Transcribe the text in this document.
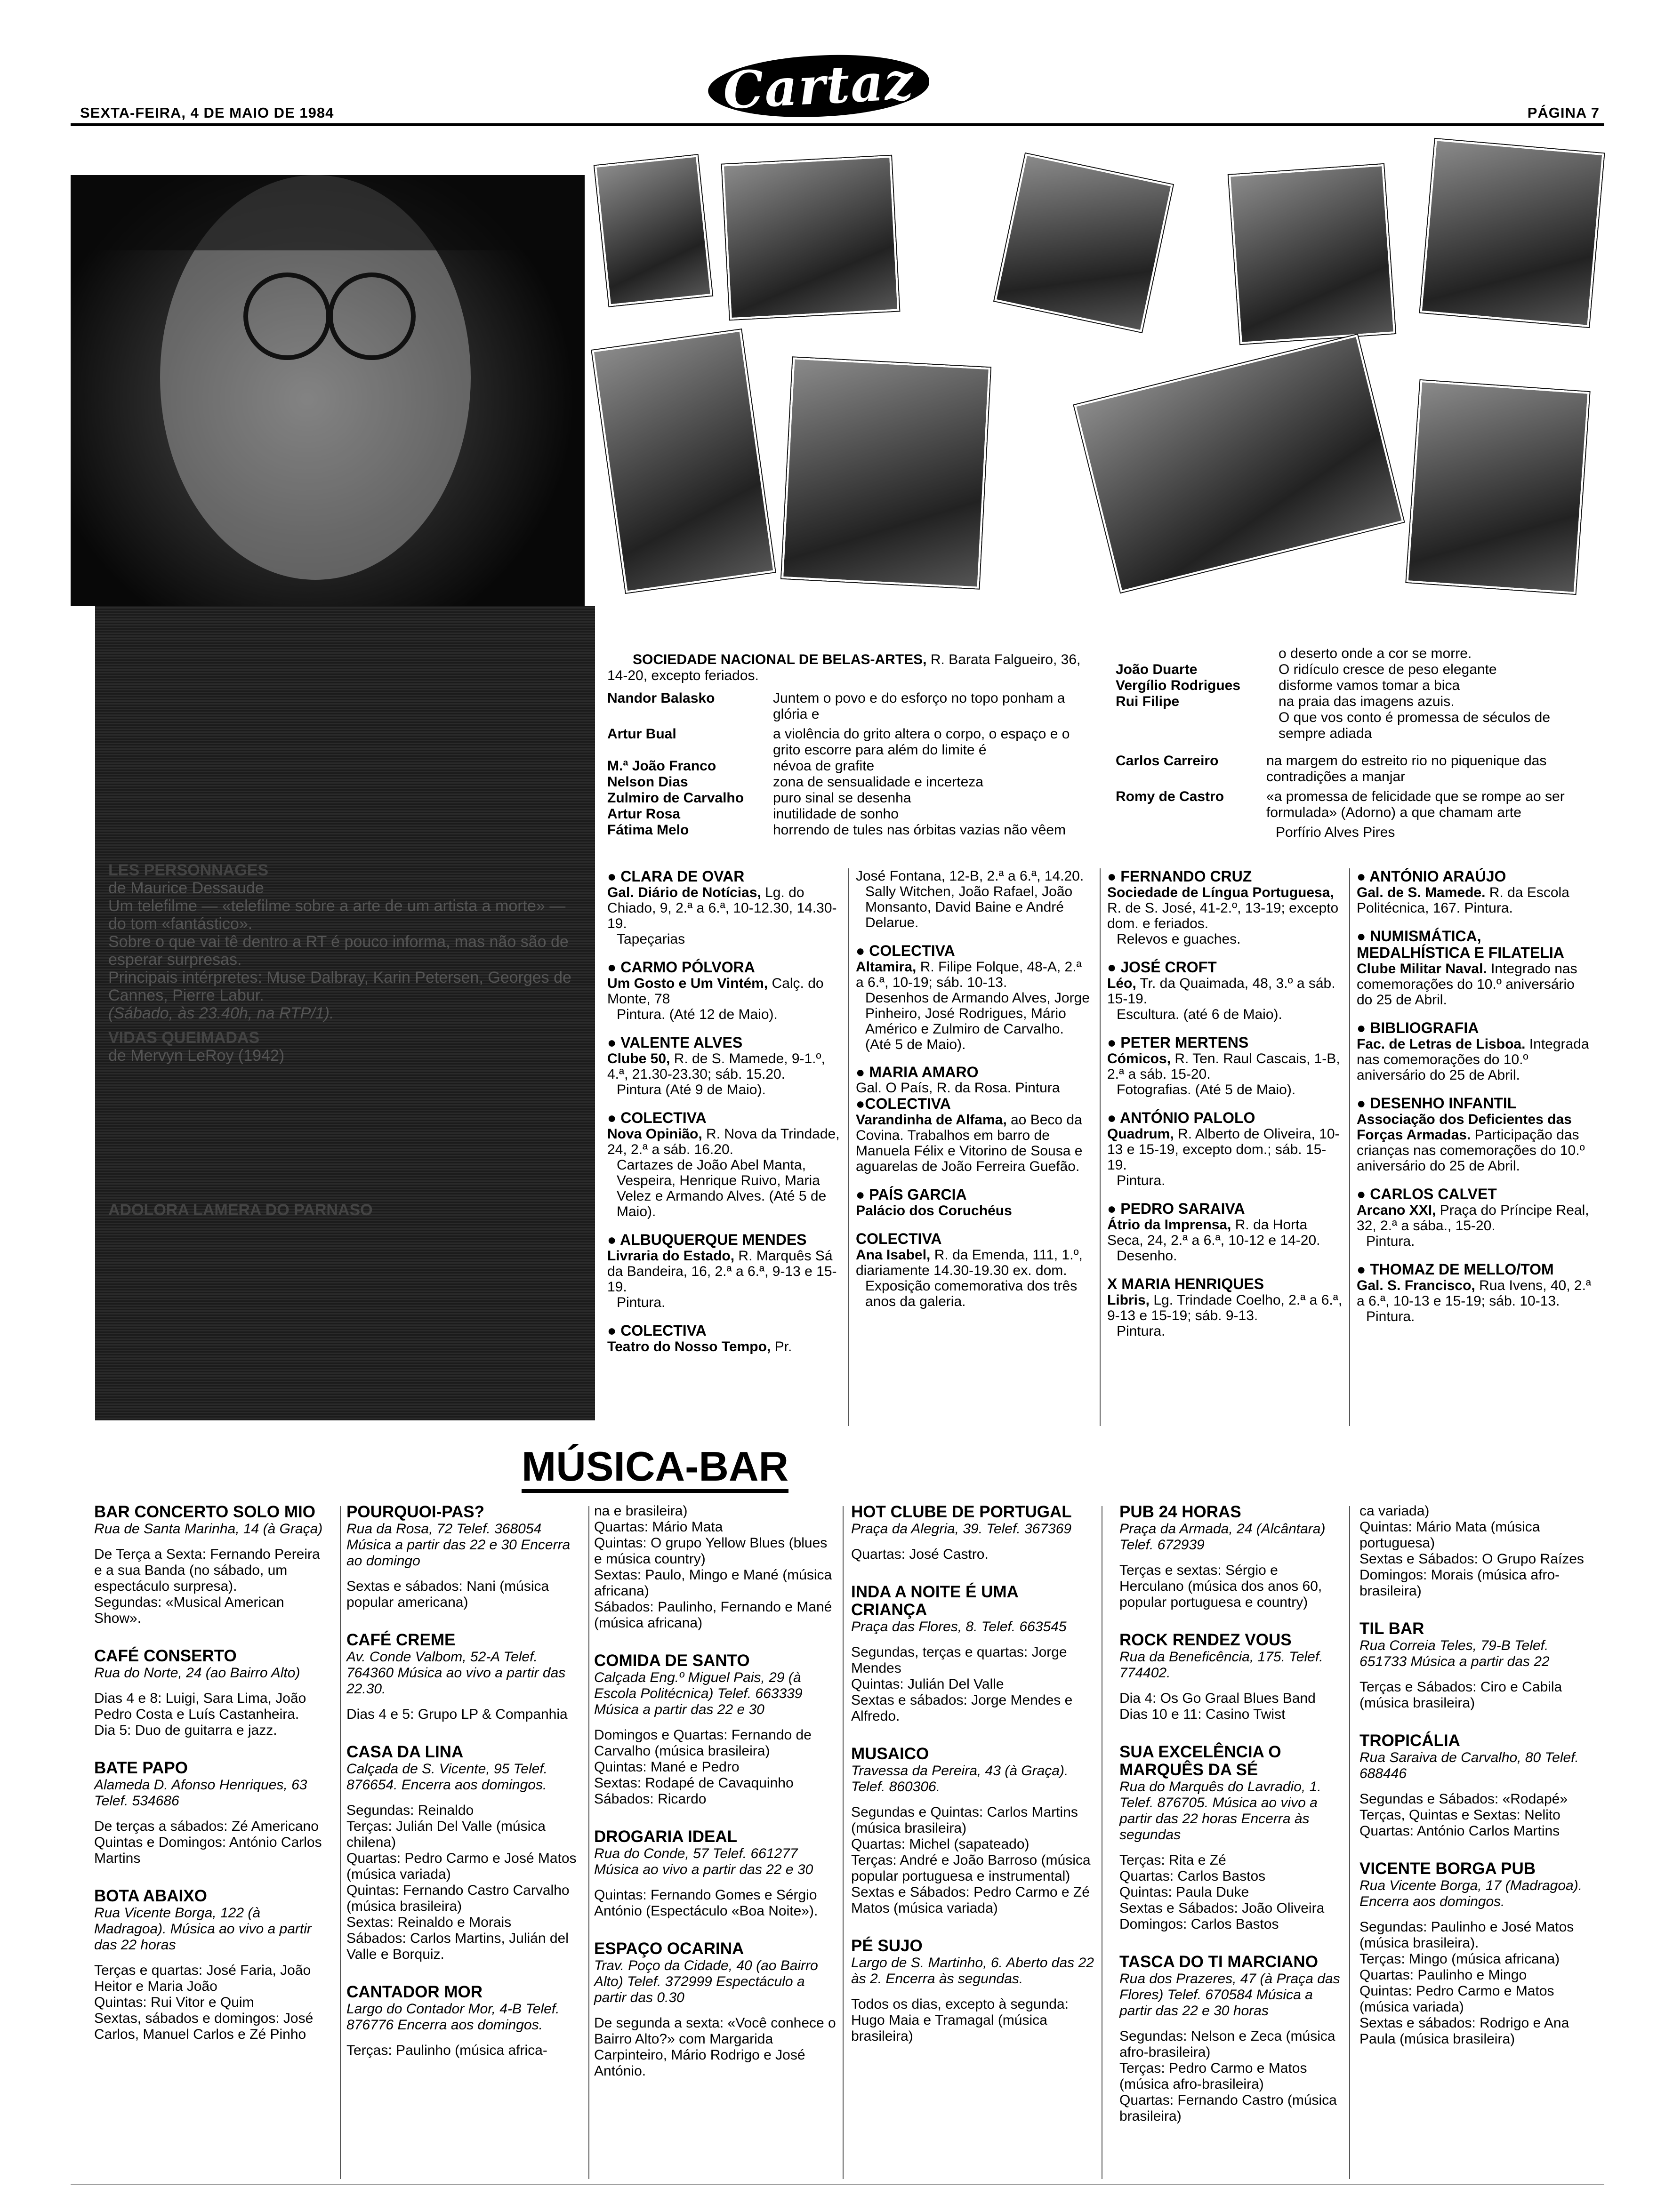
SEXTA-FEIRA, 4 DE MAIO DE 1984	Cartaz	PÁGINA 7
LES PERSONNAGES
de Maurice Dessaude
Um telefilme — «telefilme sobre a arte de um artista a morte» — do tom «fantástico».
Sobre o que vai tê dentro a RT é pouco informa, mas não são de esperar surpresas.
Principais intérpretes: Muse Dalbray, Karin Petersen, Georges de Cannes, Pierre Labur.
(Sábado, às 23.40h, na RTP/1).
VIDAS QUEIMADAS
de Mervyn LeRoy (1942)
ADOLORA LAMERA DO PARNASO
SOCIEDADE NACIONAL DE BELAS-ARTES, R. Barata Falgueiro, 36, 14-20, excepto feriados.
Nandor Balasko	Juntem o povo e do esforço no topo ponham a glória e
Artur Bual	a violência do grito altera o corpo, o espaço e o grito escorre para além do limite é
M.ª João Franco	névoa de grafite
Nelson Dias	zona de sensualidade e incerteza
Zulmiro de Carvalho	puro sinal se desenha
Artur Rosa	inutilidade de sonho
Fátima Melo	horrendo de tules nas órbitas vazias não vêem
o deserto onde a cor se morre.
João Duarte	O ridículo cresce de peso elegante
Vergílio Rodrigues	disforme vamos tomar a bica
Rui Filipe	na praia das imagens azuis.
O que vos conto é promessa de séculos de sempre adiada
Carlos Carreiro	na margem do estreito rio no piquenique das contradições a manjar
Romy de Castro	«a promessa de felicidade que se rompe ao ser formulada» (Adorno) a que chamam arte
Porfírio Alves Pires
● CLARA DE OVAR
Gal. Diário de Notícias, Lg. do Chiado, 9, 2.ª a 6.ª, 10-12.30, 14.30-19.
Tapeçarias
● CARMO PÓLVORA
Um Gosto e Um Vintém, Calç. do Monte, 78
Pintura. (Até 12 de Maio).
● VALENTE ALVES
Clube 50, R. de S. Mamede, 9-1.º, 4.ª, 21.30-23.30; sáb. 15.20.
Pintura (Até 9 de Maio).
● COLECTIVA
Nova Opinião, R. Nova da Trindade, 24, 2.ª a sáb. 16.20.
Cartazes de João Abel Manta, Vespeira, Henrique Ruivo, Maria Velez e Armando Alves. (Até 5 de Maio).
● ALBUQUERQUE MENDES
Livraria do Estado, R. Marquês Sá da Bandeira, 16, 2.ª a 6.ª, 9-13 e 15-19.
Pintura.
● COLECTIVA
Teatro do Nosso Tempo, Pr.
José Fontana, 12-B, 2.ª a 6.ª, 14.20.
Sally Witchen, João Rafael, João Monsanto, David Baine e André Delarue.
● COLECTIVA
Altamira, R. Filipe Folque, 48-A, 2.ª a 6.ª, 10-19; sáb. 10-13.
Desenhos de Armando Alves, Jorge Pinheiro, José Rodrigues, Mário Américo e Zulmiro de Carvalho. (Até 5 de Maio).
● MARIA AMARO
Gal. O País, R. da Rosa. Pintura
●COLECTIVA
Varandinha de Alfama, ao Beco da Covina. Trabalhos em barro de Manuela Félix e Vitorino de Sousa e aguarelas de João Ferreira Guefão.
● PAÍS GARCIA
Palácio dos Coruchéus
COLECTIVA
Ana Isabel, R. da Emenda, 111, 1.º, diariamente 14.30-19.30 ex. dom.
Exposição comemorativa dos três anos da galeria.
● FERNANDO CRUZ
Sociedade de Língua Portuguesa, R. de S. José, 41-2.º, 13-19; excepto dom. e feriados.
Relevos e guaches.
● JOSÉ CROFT
Léo, Tr. da Quaimada, 48, 3.º a sáb. 15-19.
Escultura. (até 6 de Maio).
● PETER MERTENS
Cómicos, R. Ten. Raul Cascais, 1-B, 2.ª a sáb. 15-20.
Fotografias. (Até 5 de Maio).
● ANTÓNIO PALOLO
Quadrum, R. Alberto de Oliveira, 10-13 e 15-19, excepto dom.; sáb. 15-19.
Pintura.
● PEDRO SARAIVA
Átrio da Imprensa, R. da Horta Seca, 24, 2.ª a 6.ª, 10-12 e 14-20.
Desenho.
X MARIA HENRIQUES
Libris, Lg. Trindade Coelho, 2.ª a 6.ª, 9-13 e 15-19; sáb. 9-13.
Pintura.
● ANTÓNIO ARAÚJO
Gal. de S. Mamede. R. da Escola Politécnica, 167. Pintura.
● NUMISMÁTICA, MEDALHÍSTICA E FILATELIA
Clube Militar Naval. Integrado nas comemorações do 10.º aniversário do 25 de Abril.
● BIBLIOGRAFIA
Fac. de Letras de Lisboa. Integrada nas comemorações do 10.º aniversário do 25 de Abril.
● DESENHO INFANTIL
Associação dos Deficientes das Forças Armadas. Participação das crianças nas comemorações do 10.º aniversário do 25 de Abril.
● CARLOS CALVET
Arcano XXI, Praça do Príncipe Real, 32, 2.ª a sába., 15-20.
Pintura.
● THOMAZ DE MELLO/TOM
Gal. S. Francisco, Rua Ivens, 40, 2.ª a 6.ª, 10-13 e 15-19; sáb. 10-13.
Pintura.
MÚSICA-BAR
BAR CONCERTO SOLO MIO
Rua de Santa Marinha, 14 (à Graça)
De Terça a Sexta: Fernando Pereira e a sua Banda (no sábado, um espectáculo surpresa).
Segundas: «Musical American Show».
CAFÉ CONSERTO
Rua do Norte, 24 (ao Bairro Alto)
Dias 4 e 8: Luigi, Sara Lima, João Pedro Costa e Luís Castanheira.
Dia 5: Duo de guitarra e jazz.
BATE PAPO
Alameda D. Afonso Henriques, 63 Telef. 534686
De terças a sábados: Zé Americano
Quintas e Domingos: António Carlos Martins
BOTA ABAIXO
Rua Vicente Borga, 122 (à Madragoa). Música ao vivo a partir das 22 horas
Terças e quartas: José Faria, João Heitor e Maria João
Quintas: Rui Vitor e Quim
Sextas, sábados e domingos: José Carlos, Manuel Carlos e Zé Pinho
POURQUOI-PAS?
Rua da Rosa, 72 Telef. 368054 Música a partir das 22 e 30 Encerra ao domingo
Sextas e sábados: Nani (música popular americana)
CAFÉ CREME
Av. Conde Valbom, 52-A Telef. 764360 Música ao vivo a partir das 22.30.
Dias 4 e 5: Grupo LP & Companhia
CASA DA LINA
Calçada de S. Vicente, 95 Telef. 876654. Encerra aos domingos.
Segundas: Reinaldo
Terças: Julián Del Valle (música chilena)
Quartas: Pedro Carmo e José Matos (música variada)
Quintas: Fernando Castro Carvalho (música brasileira)
Sextas: Reinaldo e Morais
Sábados: Carlos Martins, Julián del Valle e Borquiz.
CANTADOR MOR
Largo do Contador Mor, 4-B Telef. 876776 Encerra aos domingos.
Terças: Paulinho (música africa-
na e brasileira)
Quartas: Mário Mata
Quintas: O grupo Yellow Blues (blues e música country)
Sextas: Paulo, Mingo e Mané (música africana)
Sábados: Paulinho, Fernando e Mané (música africana)
COMIDA DE SANTO
Calçada Eng.º Miguel Pais, 29 (à Escola Politécnica) Telef. 663339 Música a partir das 22 e 30
Domingos e Quartas: Fernando de Carvalho (música brasileira)
Quintas: Mané e Pedro
Sextas: Rodapé de Cavaquinho
Sábados: Ricardo
DROGARIA IDEAL
Rua do Conde, 57 Telef. 661277 Música ao vivo a partir das 22 e 30
Quintas: Fernando Gomes e Sérgio António (Espectáculo «Boa Noite»).
ESPAÇO OCARINA
Trav. Poço da Cidade, 40 (ao Bairro Alto) Telef. 372999 Espectáculo a partir das 0.30
De segunda a sexta: «Você conhece o Bairro Alto?» com Margarida Carpinteiro, Mário Rodrigo e José António.
HOT CLUBE DE PORTUGAL
Praça da Alegria, 39. Telef. 367369
Quartas: José Castro.
INDA A NOITE É UMA CRIANÇA
Praça das Flores, 8. Telef. 663545
Segundas, terças e quartas: Jorge Mendes
Quintas: Julián Del Valle
Sextas e sábados: Jorge Mendes e Alfredo.
MUSAICO
Travessa da Pereira, 43 (à Graça). Telef. 860306.
Segundas e Quintas: Carlos Martins (música brasileira)
Quartas: Michel (sapateado)
Terças: André e João Barroso (música popular portuguesa e instrumental)
Sextas e Sábados: Pedro Carmo e Zé Matos (música variada)
PÉ SUJO
Largo de S. Martinho, 6. Aberto das 22 às 2. Encerra às segundas.
Todos os dias, excepto à segunda: Hugo Maia e Tramagal (música brasileira)
PUB 24 HORAS
Praça da Armada, 24 (Alcântara) Telef. 672939
Terças e sextas: Sérgio e Herculano (música dos anos 60, popular portuguesa e country)
ROCK RENDEZ VOUS
Rua da Beneficência, 175. Telef. 774402.
Dia 4: Os Go Graal Blues Band
Dias 10 e 11: Casino Twist
SUA EXCELÊNCIA O MARQUÊS DA SÉ
Rua do Marquês do Lavradio, 1. Telef. 876705. Música ao vivo a partir das 22 horas Encerra às segundas
Terças: Rita e Zé
Quartas: Carlos Bastos
Quintas: Paula Duke
Sextas e Sábados: João Oliveira
Domingos: Carlos Bastos
TASCA DO TI MARCIANO
Rua dos Prazeres, 47 (à Praça das Flores) Telef. 670584 Música a partir das 22 e 30 horas
Segundas: Nelson e Zeca (música afro-brasileira)
Terças: Pedro Carmo e Matos (música afro-brasileira)
Quartas: Fernando Castro (música brasileira)
ca variada)
Quintas: Mário Mata (música portuguesa)
Sextas e Sábados: O Grupo Raízes
Domingos: Morais (música afro-brasileira)
TIL BAR
Rua Correia Teles, 79-B Telef. 651733 Música a partir das 22
Terças e Sábados: Ciro e Cabila (música brasileira)
TROPICÁLIA
Rua Saraiva de Carvalho, 80 Telef. 688446
Segundas e Sábados: «Rodapé»
Terças, Quintas e Sextas: Nelito
Quartas: António Carlos Martins
VICENTE BORGA PUB
Rua Vicente Borga, 17 (Madragoa). Encerra aos domingos.
Segundas: Paulinho e José Matos (música brasileira).
Terças: Mingo (música africana)
Quartas: Paulinho e Mingo
Quintas: Pedro Carmo e Matos (música variada)
Sextas e sábados: Rodrigo e Ana Paula (música brasileira)
